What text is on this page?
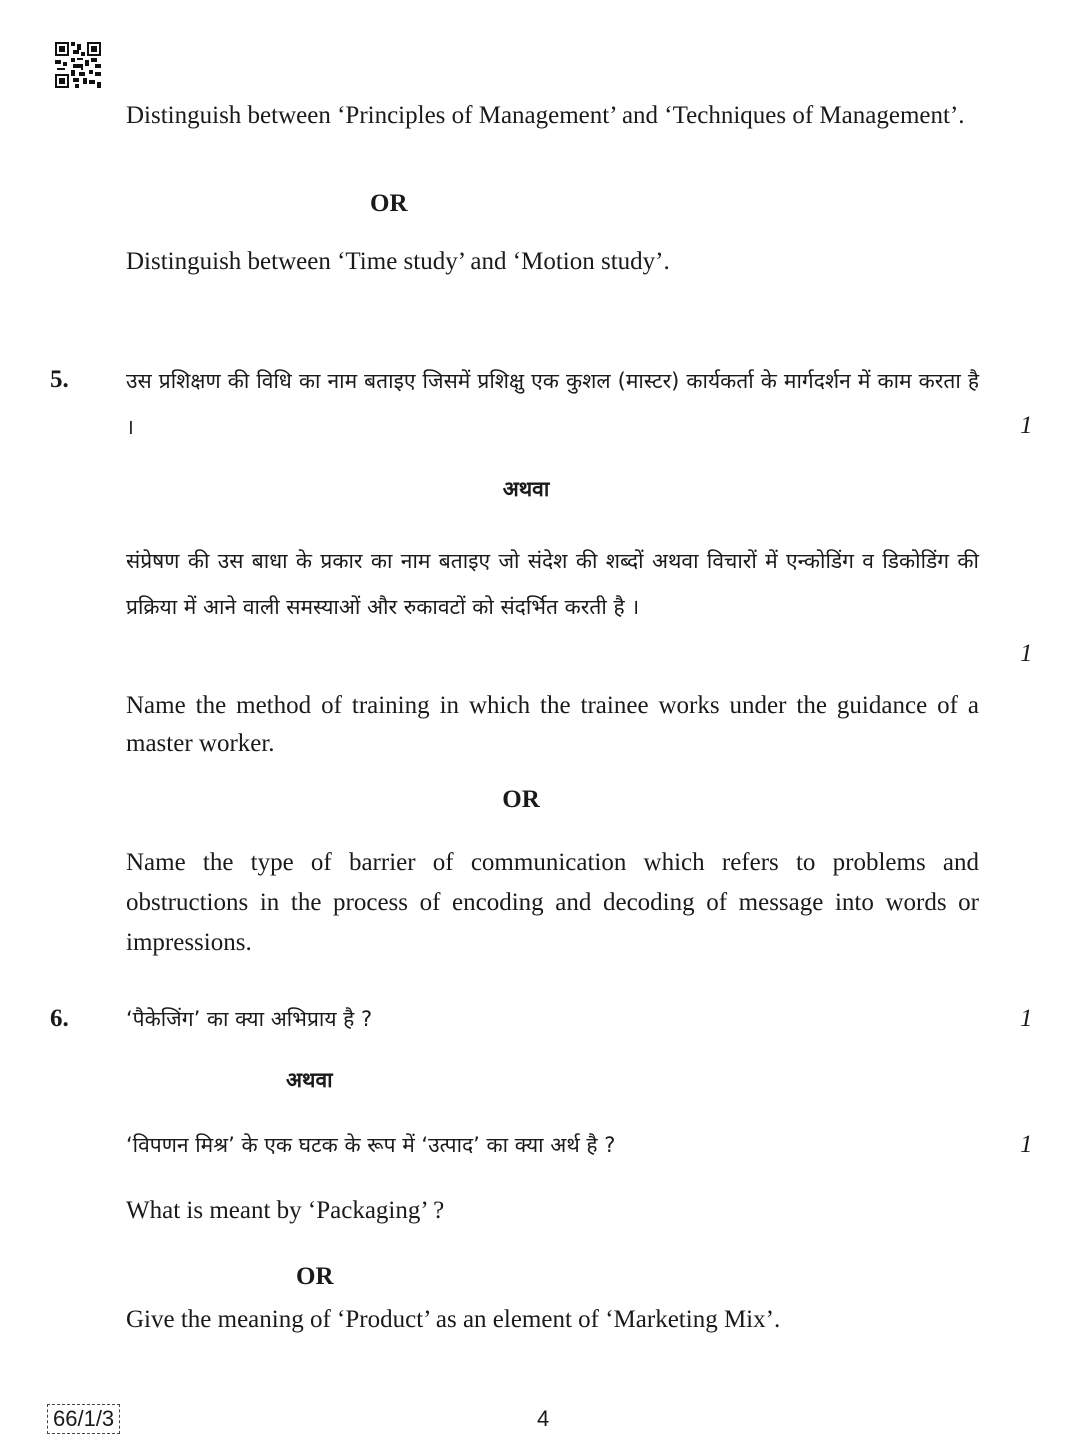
Distinguish between ‘Principles of Management’ and ‘Techniques of Management’.
OR
Distinguish between ‘Time study’ and ‘Motion study’.
5.	उस प्रशिक्षण की विधि का नाम बताइए जिसमें प्रशिक्षु एक कुशल (मास्टर) कार्यकर्ता के मार्गदर्शन में काम करता है ।	1
अथवा
संप्रेषण की उस बाधा के प्रकार का नाम बताइए जो संदेश की शब्दों अथवा विचारों में एन्कोडिंग व डिकोडिंग की प्रक्रिया में आने वाली समस्याओं और रुकावटों को संदर्भित करती है ।
1
Name the method of training in which the trainee works under the guidance of a master worker.
OR
Name the type of barrier of communication which refers to problems and obstructions in the process of encoding and decoding of message into words or impressions.
6.	‘पैकेजिंग’ का क्या अभिप्राय है ?	1
अथवा
‘विपणन मिश्र’ के एक घटक के रूप में ‘उत्पाद’ का क्या अर्थ है ?	1
What is meant by ‘Packaging’ ?
OR
Give the meaning of ‘Product’ as an element of ‘Marketing Mix’.
66/1/3	4
